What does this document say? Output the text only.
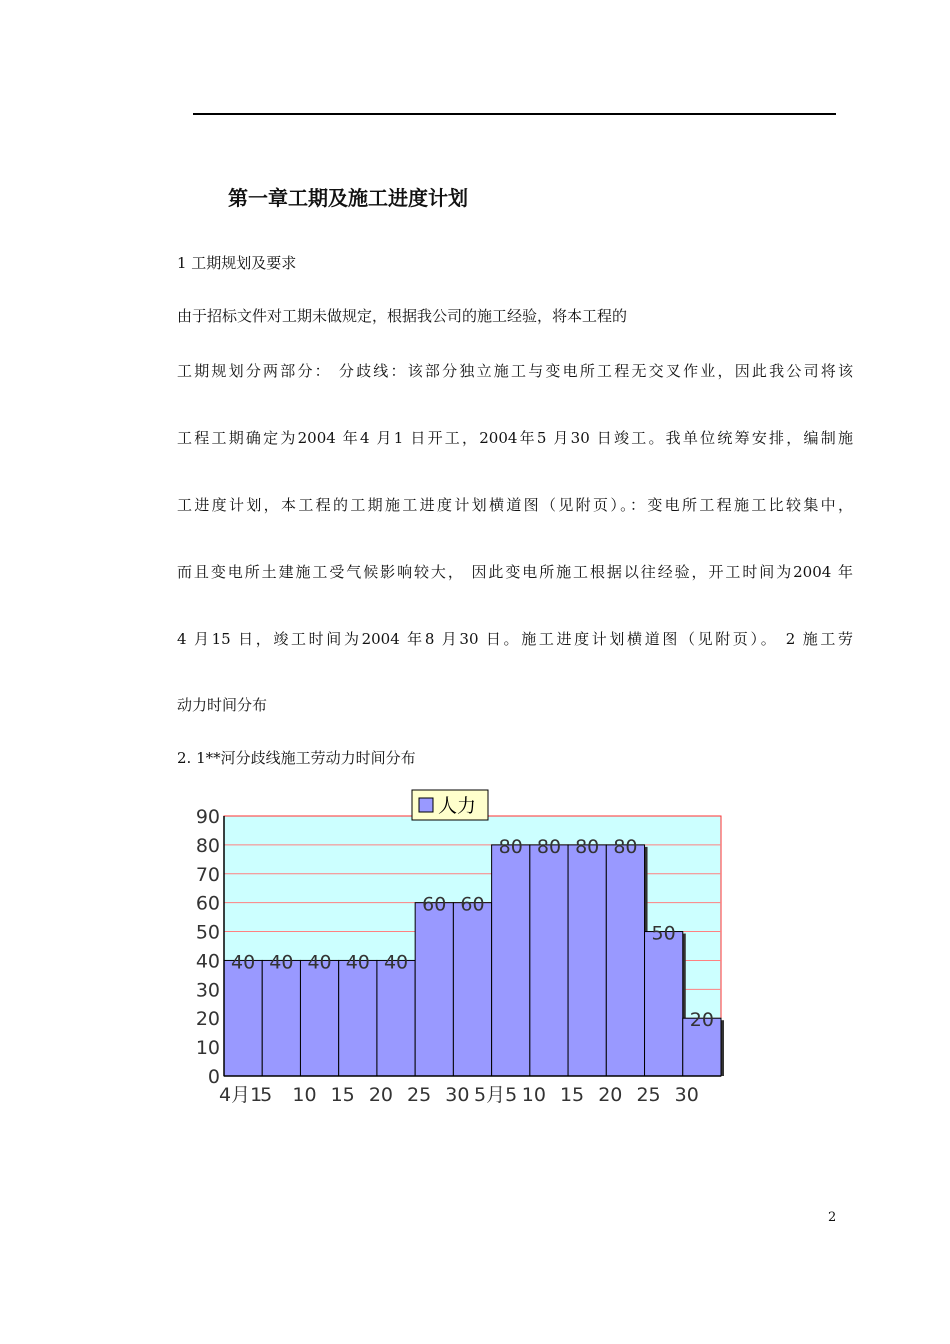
第一章工期及施工进度计划
1 工期规划及要求
由于招标文件对工期未做规定，根据我公司的施工经验，将本工程的
工期规划分两部分： 分歧线：该部分独立施工与变电所工程无交叉作业，因此我公司将该
工程工期确定为2004 年4 月1 日开工，2004年5 月30 日竣工。我单位统筹安排，编制施
工进度计划，本工程的工期施工进度计划横道图（见附页）。：变电所工程施工比较集中，
而且变电所土建施工受气候影响较大， 因此变电所施工根据以往经验，开工时间为2004 年
4 月15 日，竣工时间为2004 年8 月30 日。施工进度计划横道图（见附页）。 2 施工劳
动力时间分布
2. 1**河分歧线施工劳动力时间分布
0
10
20
30
40
50
60
70
80
90
40 40 40 40 40
60 60
80 80 80 80
50
20
4月1
5 10 15 20 25 30 5月5 10 15 20 25 30
人力
2
